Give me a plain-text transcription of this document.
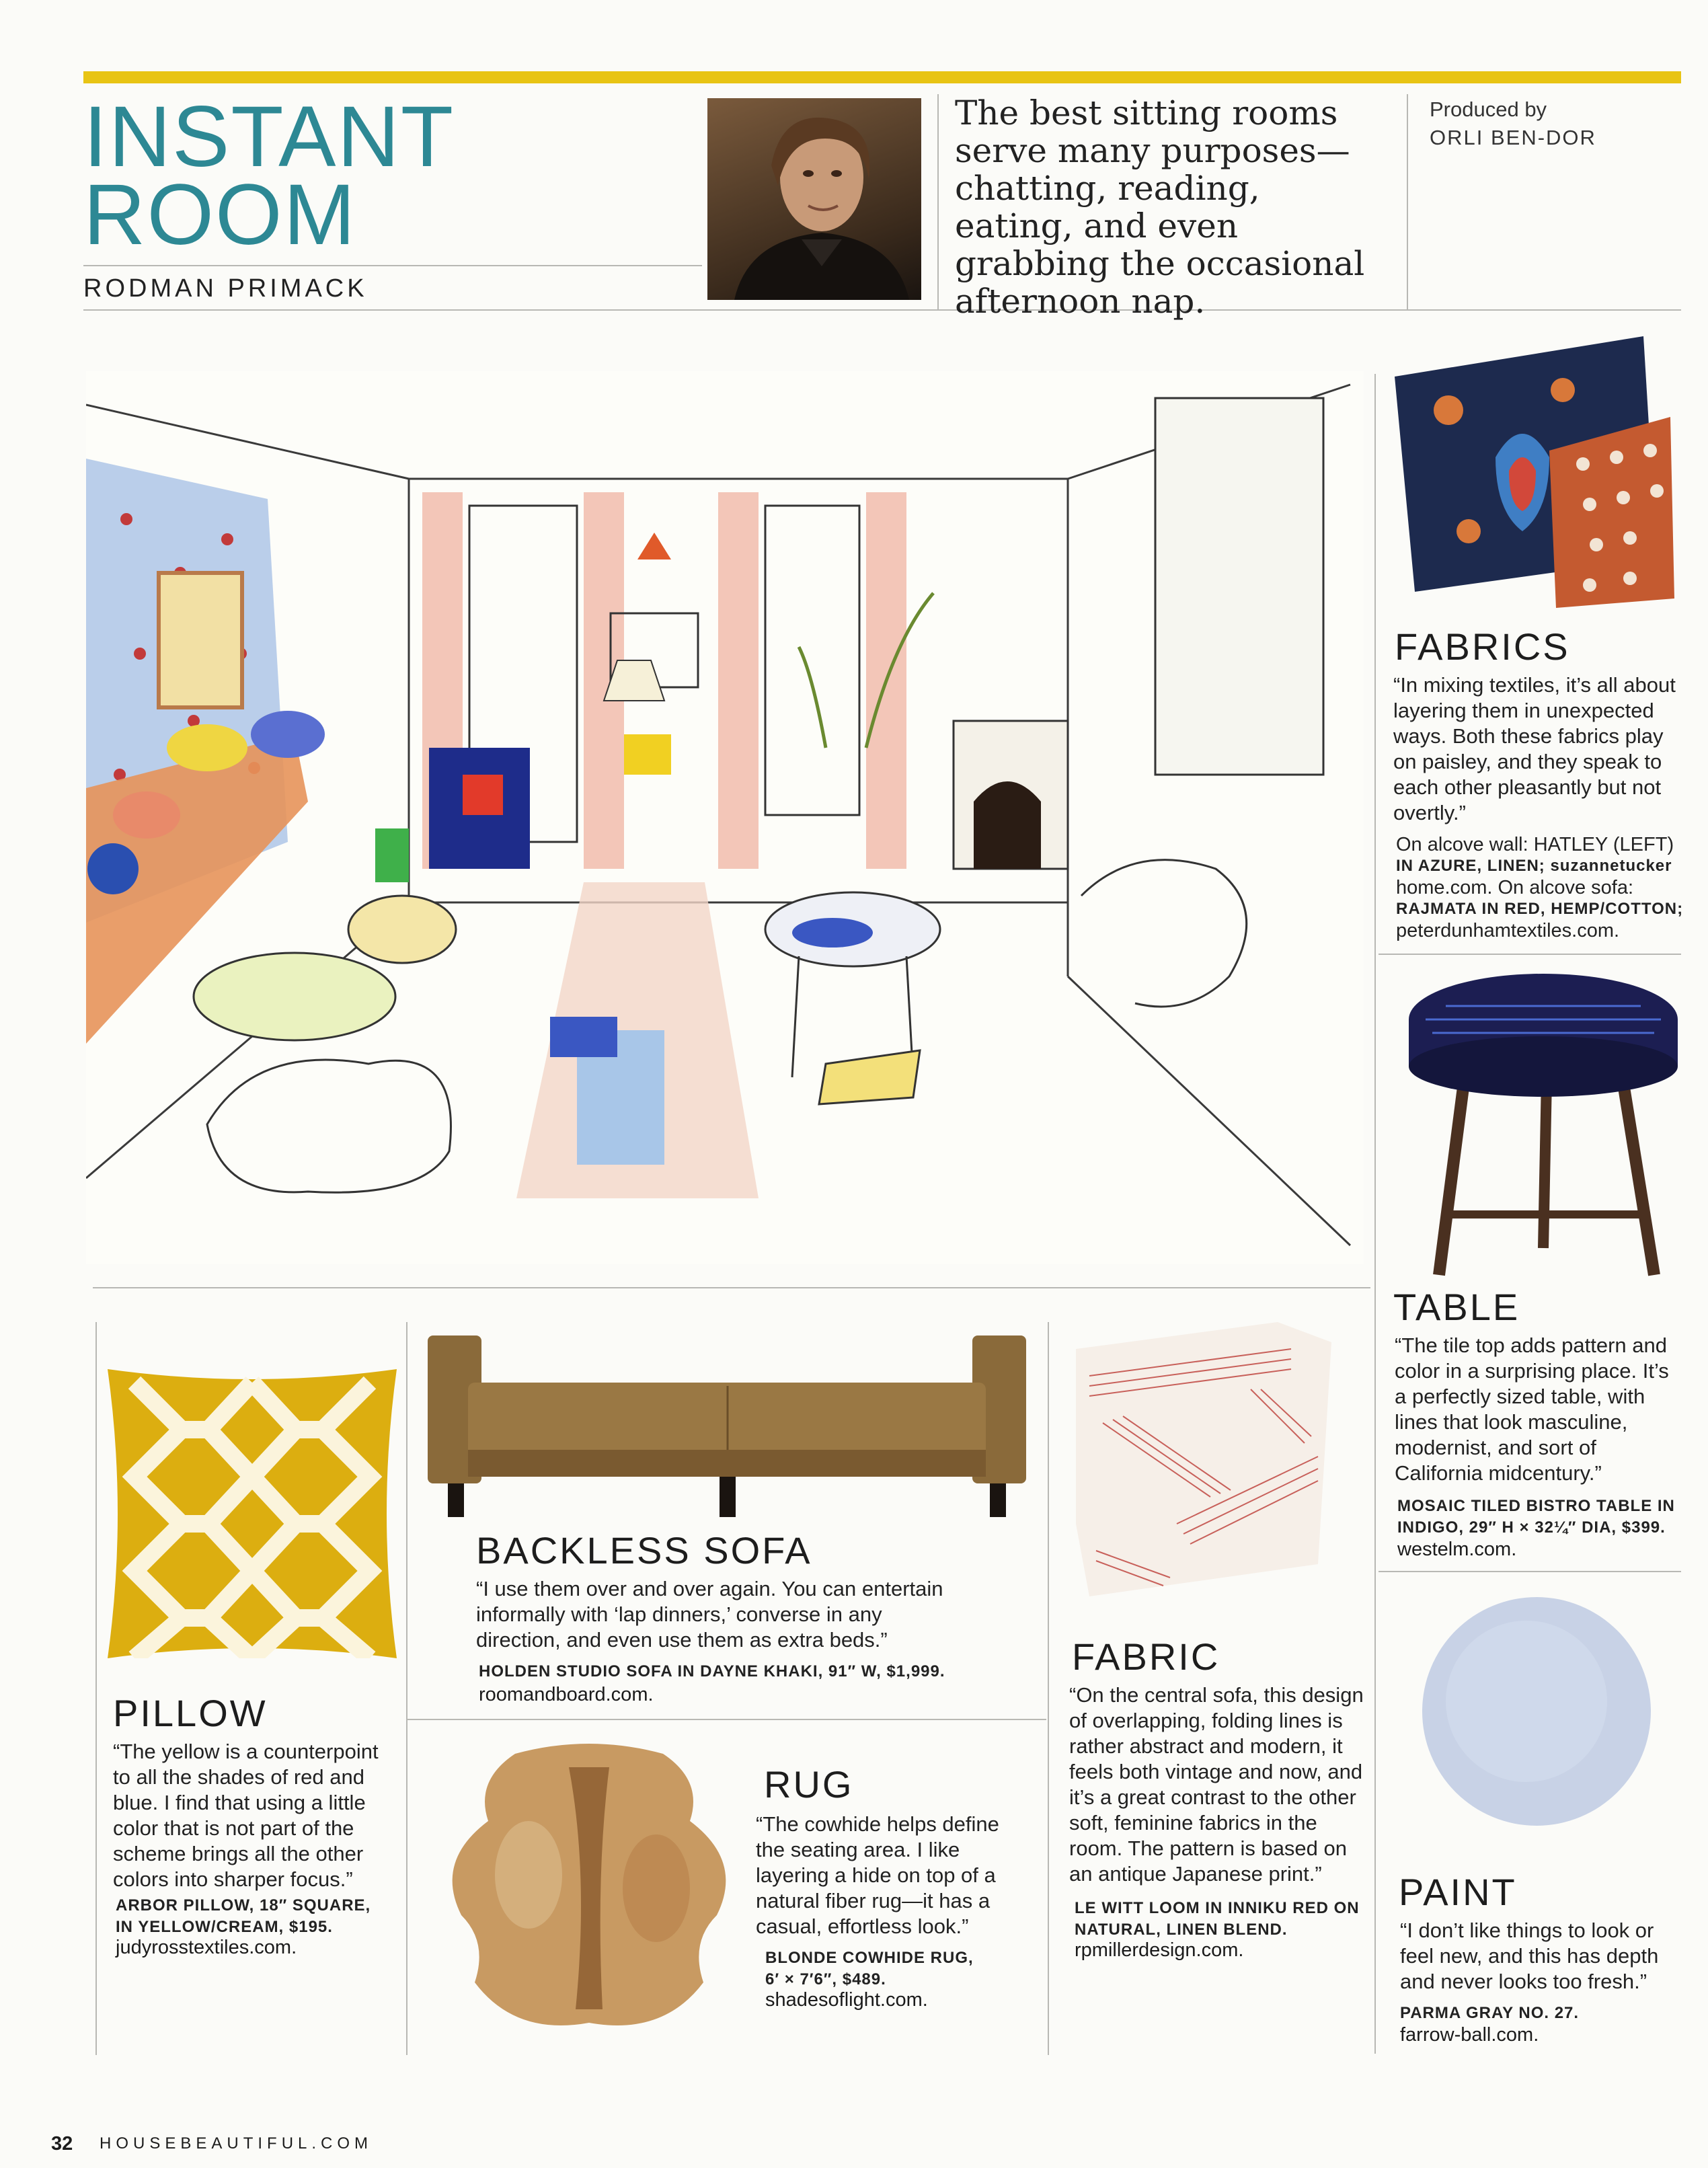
INSTANT
ROOM
RODMAN PRIMACK
The best sitting rooms serve many purposes—chatting, reading, eating, and even grabbing the occasional afternoon nap.
Produced by
ORLI BEN-DOR
FABRICS
“In mixing textiles, it’s all about layering them in unexpected ways. Both these fabrics play on paisley, and they speak to each other pleasantly but not overtly.”
On alcove wall: HATLEY (LEFT)
IN AZURE, LINEN; suzannetucker
home.com. On alcove sofa:
RAJMATA IN RED, HEMP/COTTON;
peterdunhamtextiles.com.
TABLE
“The tile top adds pattern and color in a surprising place. It’s a perfectly sized table, with lines that look masculine, modernist, and sort of California midcentury.”
MOSAIC TILED BISTRO TABLE IN
INDIGO, 29″ H × 32¼″ DIA, $399.
westelm.com.
PAINT
“I don’t like things to look or feel new, and this has depth and never looks too fresh.”
PARMA GRAY NO. 27.
farrow-ball.com.
PILLOW
“The yellow is a counterpoint to all the shades of red and blue. I find that using a little color that is not part of the scheme brings all the other colors into sharper focus.”
ARBOR PILLOW, 18″ SQUARE,
IN YELLOW/CREAM, $195.
judyrosstextiles.com.
BACKLESS SOFA
“I use them over and over again. You can entertain informally with ‘lap dinners,’ converse in any direction, and even use them as extra beds.”
HOLDEN STUDIO SOFA IN DAYNE KHAKI, 91″ W, $1,999.
roomandboard.com.
RUG
“The cowhide helps define the seating area. I like layering a hide on top of a natural fiber rug—it has a casual, effortless look.”
BLONDE COWHIDE RUG,
6′ × 7′6″, $489.
shadesoflight.com.
FABRIC
“On the central sofa, this design of overlapping, folding lines is rather abstract and modern, it feels both vintage and now, and it’s a great contrast to the other soft, feminine fabrics in the room. The pattern is based on an antique Japanese print.”
LE WITT LOOM IN INNIKU RED ON
NATURAL, LINEN BLEND.
rpmillerdesign.com.
32 HOUSEBEAUTIFUL.COM
